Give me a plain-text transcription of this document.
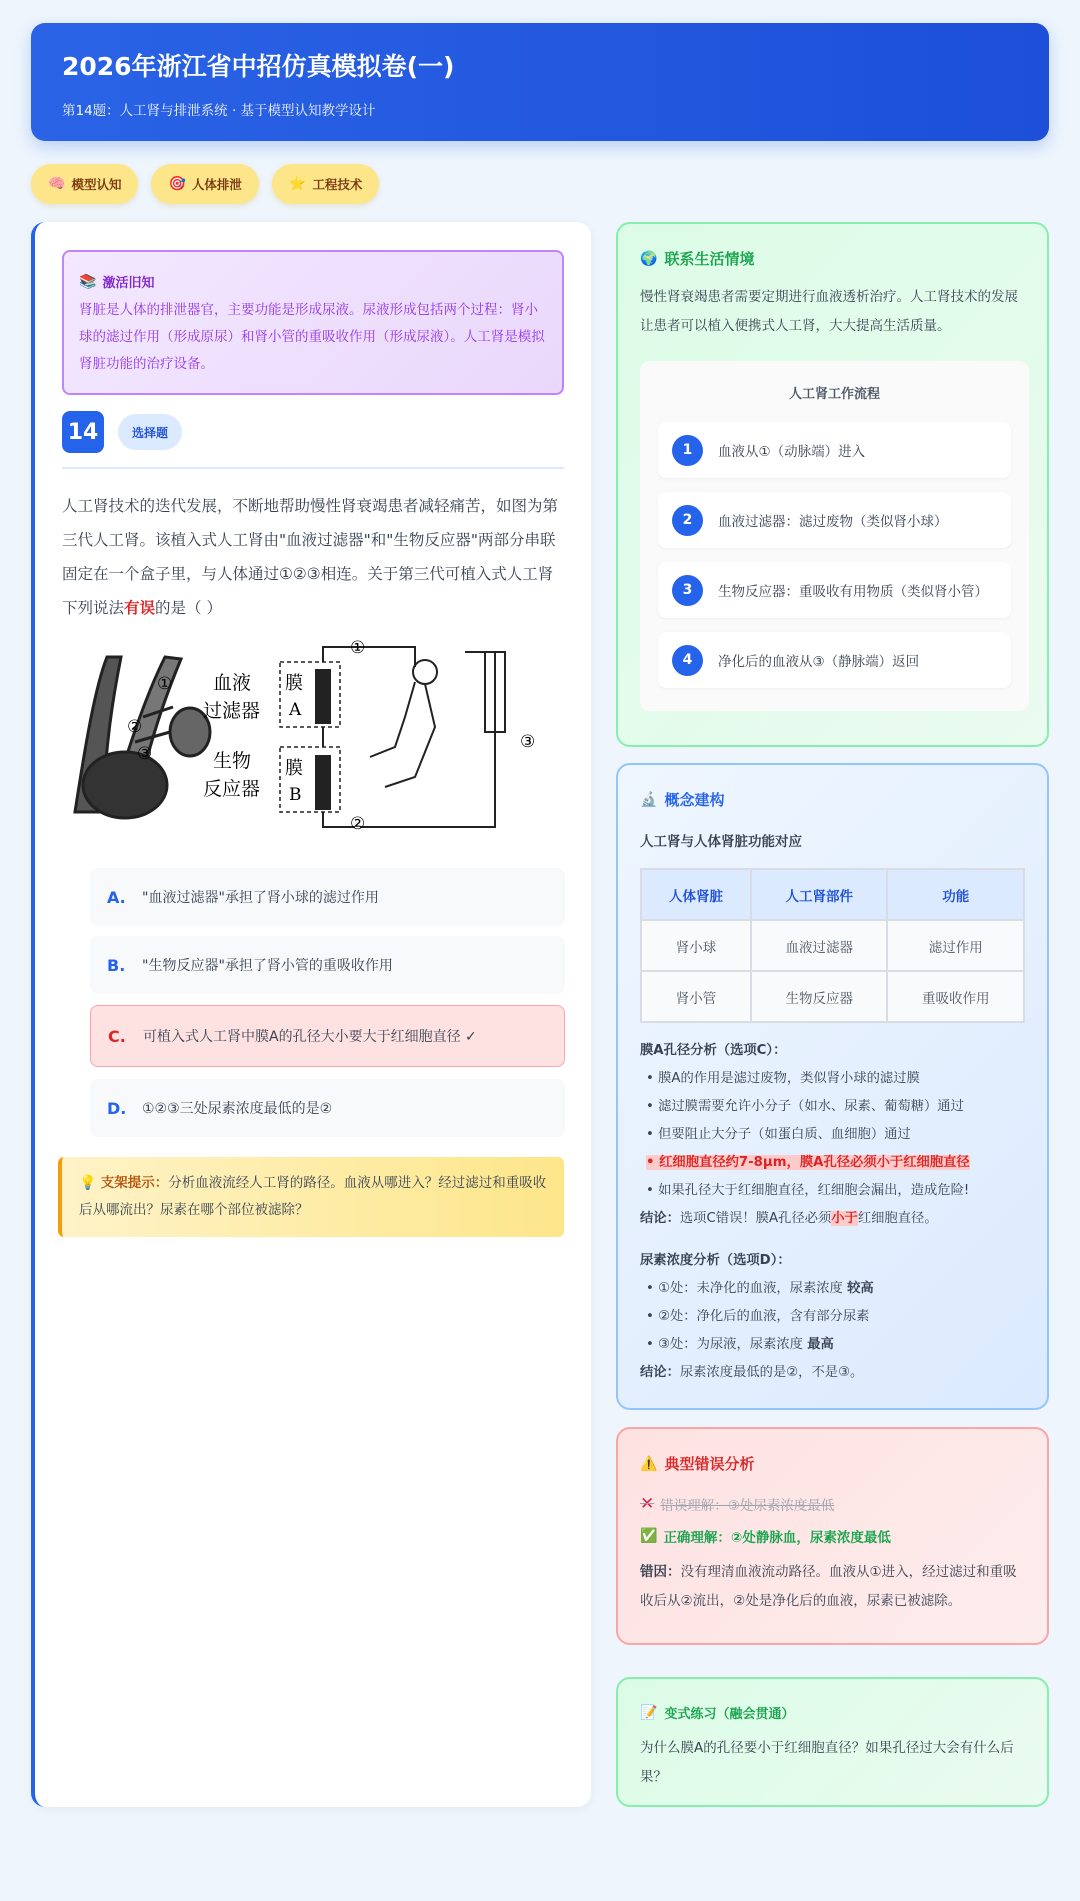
2026年浙江省中招仿真模拟卷(一)

第14题：人工肾与排泄系统 · 基于模型认知教学设计

🧠 模型认知	🎯 人体排泄	⭐ 工程技术
📚 激活旧知
肾脏是人体的排泄器官，主要功能是形成尿液。尿液形成包括两个过程：肾小球的滤过作用（形成原尿）和肾小管的重吸收作用（形成尿液）。人工肾是模拟肾脏功能的治疗设备。
14	选择题
人工肾技术的迭代发展，不断地帮助慢性肾衰竭患者减轻痛苦，如图为第三代人工肾。该植入式人工肾由"血液过滤器"和"生物反应器"两部分串联固定在一个盒子里，与人体通过①②③相连。关于第三代可植入式人工肾下列说法有误的是（ ）
①
②
③
血液
过滤器
生物
反应器
膜
A
膜
B
①
②
③
A.	"血液过滤器"承担了肾小球的滤过作用
B.	"生物反应器"承担了肾小管的重吸收作用
C.	可植入式人工肾中膜A的孔径大小要大于红细胞直径 ✓
D.	①②③三处尿素浓度最低的是②
💡 支架提示：分析血液流经人工肾的路径。血液从哪进入？经过滤过和重吸收后从哪流出？尿素在哪个部位被滤除？
🌍 联系生活情境
慢性肾衰竭患者需要定期进行血液透析治疗。人工肾技术的发展让患者可以植入便携式人工肾，大大提高生活质量。
人工肾工作流程
1	血液从①（动脉端）进入
2	血液过滤器：滤过废物（类似肾小球）
3	生物反应器：重吸收有用物质（类似肾小管）
4	净化后的血液从③（静脉端）返回
🔬 概念建构
人工肾与人体肾脏功能对应
人体肾脏	人工肾部件	功能
肾小球	血液过滤器	滤过作用
肾小管	生物反应器	重吸收作用
膜A孔径分析（选项C）：
• 膜A的作用是滤过废物，类似肾小球的滤过膜
• 滤过膜需要允许小分子（如水、尿素、葡萄糖）通过
• 但要阻止大分子（如蛋白质、血细胞）通过
• 红细胞直径约7-8μm，膜A孔径必须小于红细胞直径
• 如果孔径大于红细胞直径，红细胞会漏出，造成危险!
结论：选项C错误！膜A孔径必须小于红细胞直径。
尿素浓度分析（选项D）：
• ①处：未净化的血液，尿素浓度 较高
• ②处：净化后的血液，含有部分尿素
• ③处：为尿液，尿素浓度 最高
结论：尿素浓度最低的是②，不是③。
⚠️ 典型错误分析
✕ 错误理解：③处尿素浓度最低
✅ 正确理解：②处静脉血，尿素浓度最低
错因：没有理清血液流动路径。血液从①进入，经过滤过和重吸收后从②流出，②处是净化后的血液，尿素已被滤除。
📝 变式练习（融会贯通）
为什么膜A的孔径要小于红细胞直径？如果孔径过大会有什么后果？
